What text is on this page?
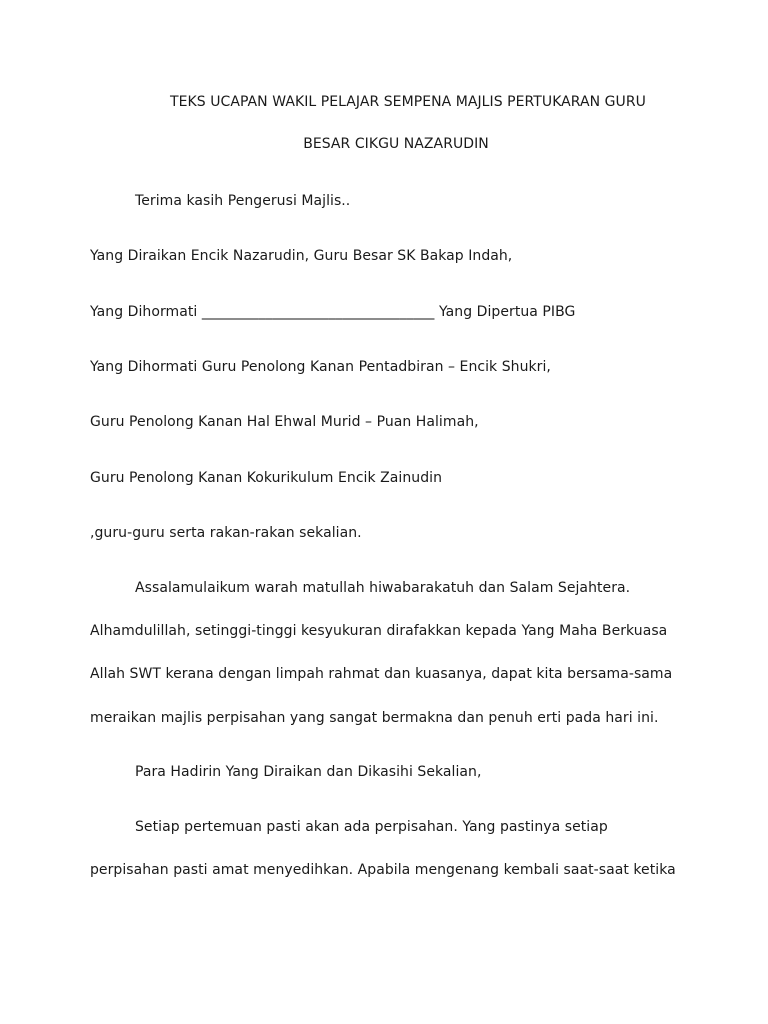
TEKS UCAPAN WAKIL PELAJAR SEMPENA MAJLIS PERTUKARAN GURU
BESAR CIKGU NAZARUDIN
Terima kasih Pengerusi Majlis..
Yang Diraikan Encik Nazarudin, Guru Besar SK Bakap Indah,
Yang Dihormati _________________________________ Yang Dipertua PIBG
Yang Dihormati Guru Penolong Kanan Pentadbiran – Encik Shukri,
Guru Penolong Kanan Hal Ehwal Murid – Puan Halimah,
Guru Penolong Kanan Kokurikulum Encik Zainudin
,guru-guru serta rakan-rakan sekalian.
Assalamulaikum warah matullah hiwabarakatuh dan Salam Sejahtera.
Alhamdulillah, setinggi-tinggi kesyukuran dirafakkan kepada Yang Maha Berkuasa
Allah SWT kerana dengan limpah rahmat dan kuasanya, dapat kita bersama-sama
meraikan majlis perpisahan yang sangat bermakna dan penuh erti pada hari ini.
Para Hadirin Yang Diraikan dan Dikasihi Sekalian,
Setiap pertemuan pasti akan ada perpisahan. Yang pastinya setiap
perpisahan pasti amat menyedihkan. Apabila mengenang kembali saat-saat ketika
